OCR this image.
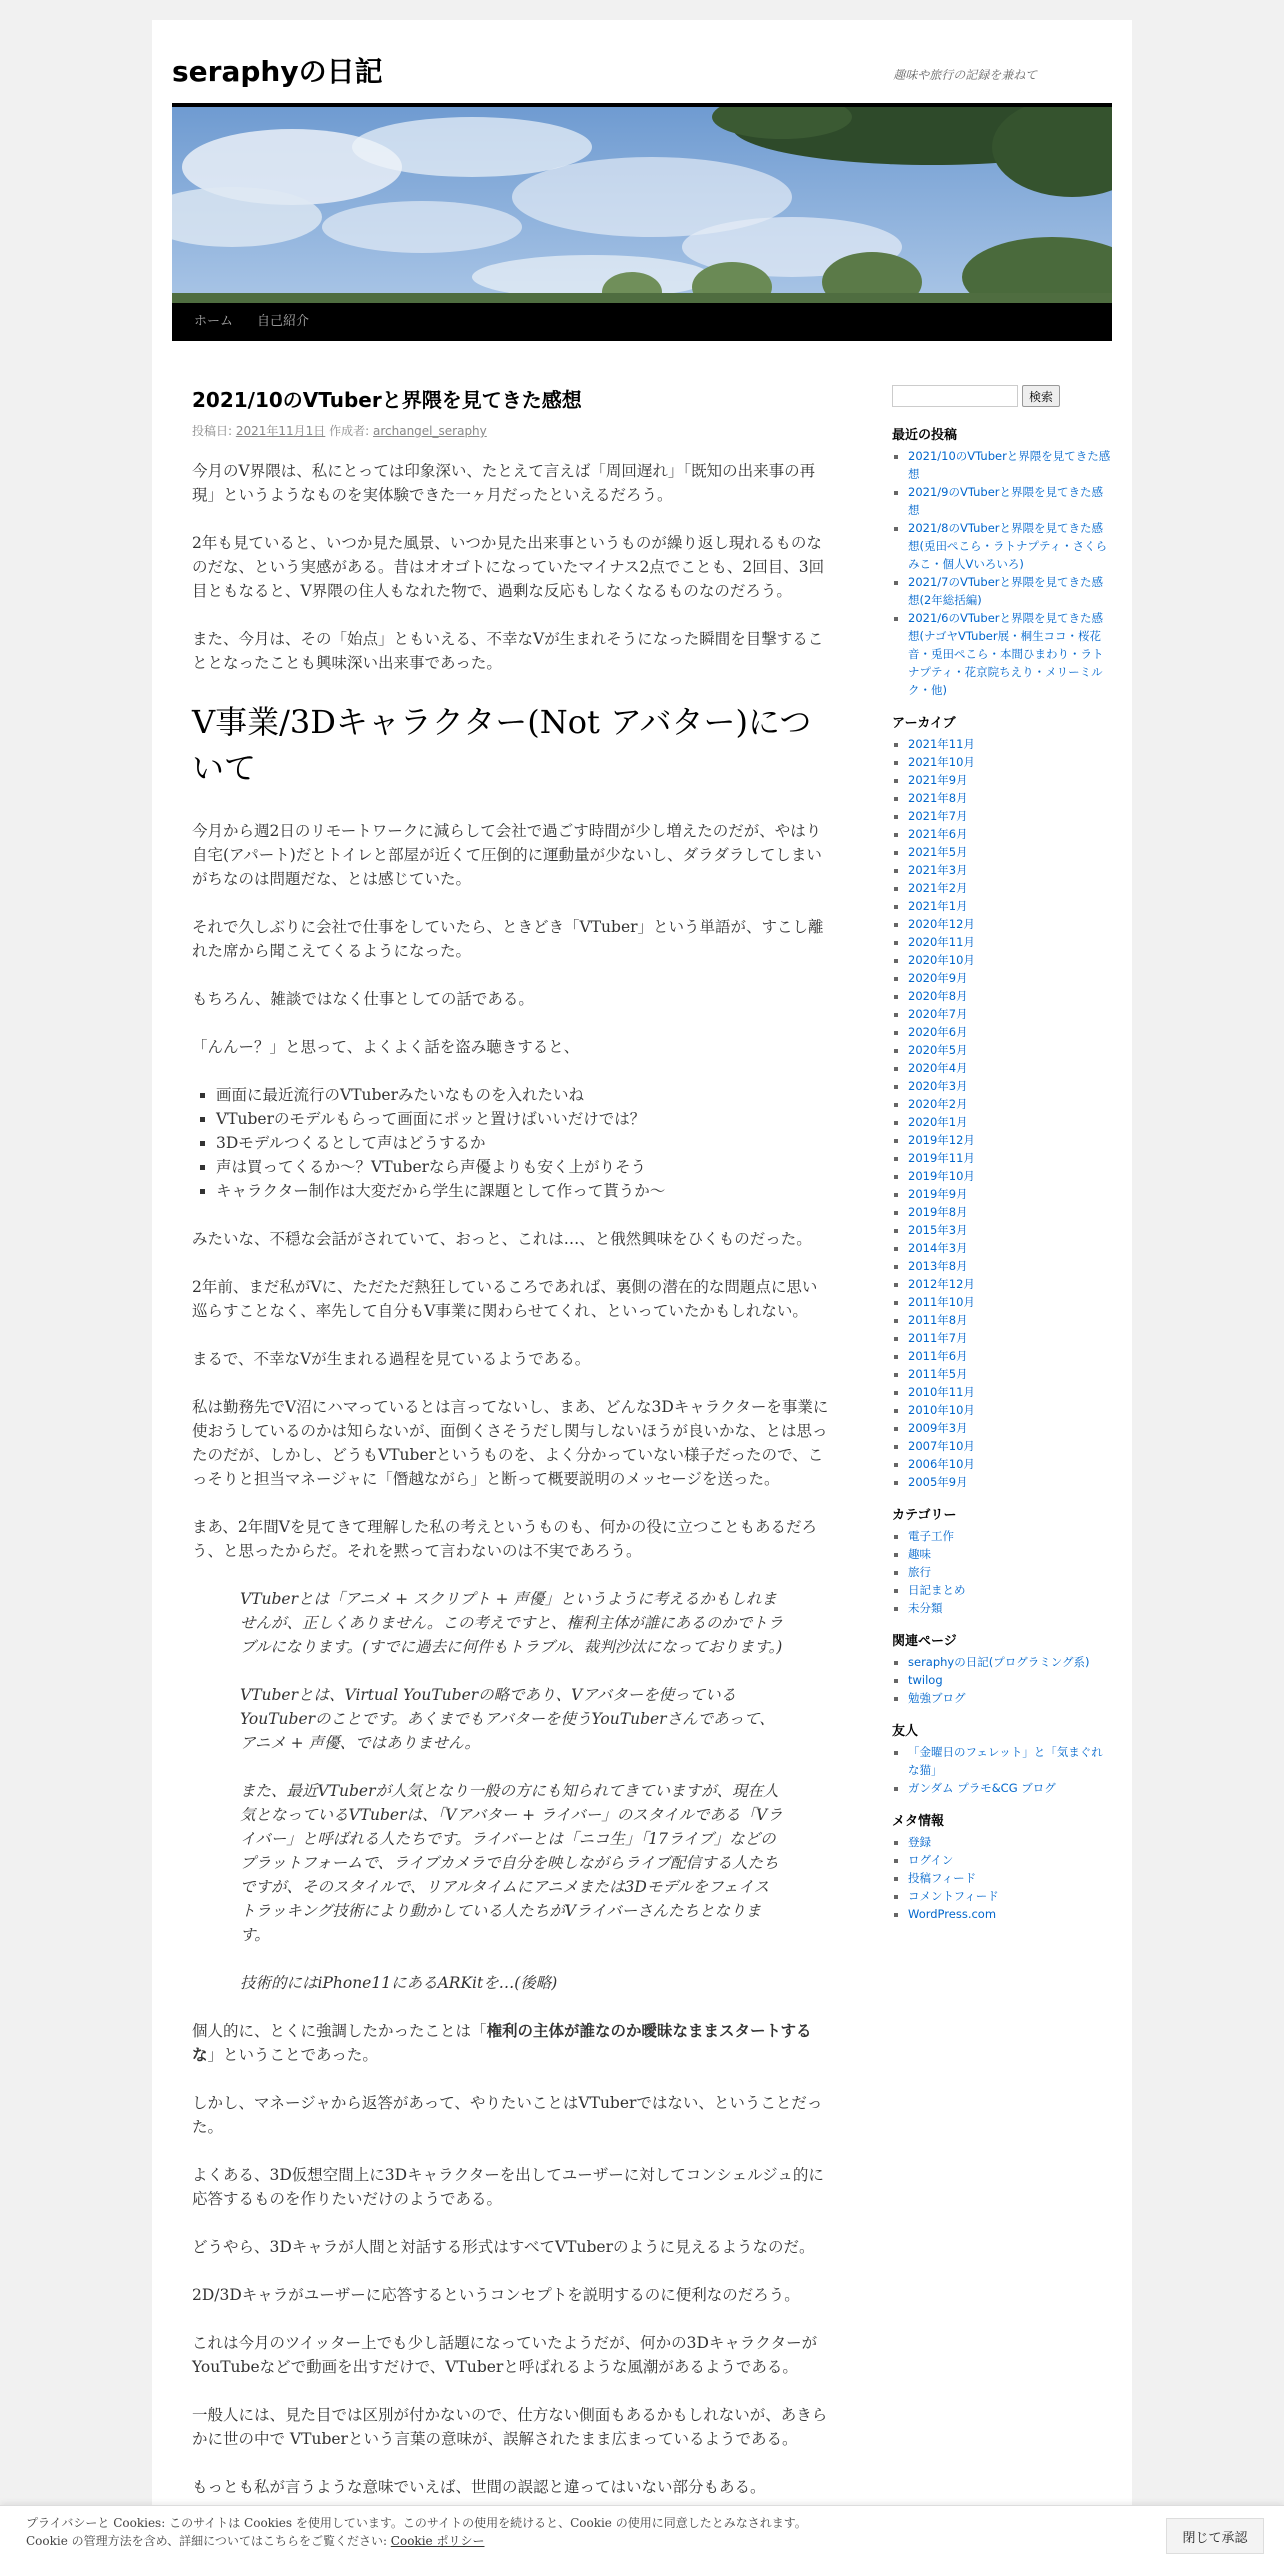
seraphyの日記	趣味や旅行の記録を兼ねて
ホーム	自己紹介
2021/10のVTuberと界隈を見てきた感想
投稿日: 2021年11月1日 作成者: archangel_seraphy

今月のV界隈は、私にとっては印象深い、たとえて言えば「周回遅れ」「既知の出来事の再現」というようなものを実体験できた一ヶ月だったといえるだろう。

2年も見ていると、いつか見た風景、いつか見た出来事というものが繰り返し現れるものなのだな、という実感がある。昔はオオゴトになっていたマイナス2点でことも、2回目、3回目ともなると、V界隈の住人もなれた物で、過剰な反応もしなくなるものなのだろう。

また、今月は、その「始点」ともいえる、不幸なVが生まれそうになった瞬間を目撃することとなったことも興味深い出来事であった。

V事業/3Dキャラクター(Not アバター)について

今月から週2日のリモートワークに減らして会社で過ごす時間が少し増えたのだが、やはり自宅(アパート)だとトイレと部屋が近くて圧倒的に運動量が少ないし、ダラダラしてしまいがちなのは問題だな、とは感じていた。

それで久しぶりに会社で仕事をしていたら、ときどき「VTuber」という単語が、すこし離れた席から聞こえてくるようになった。

もちろん、雑談ではなく仕事としての話である。

「んんー？」と思って、よくよく話を盗み聴きすると、

▪ 画面に最近流行のVTuberみたいなものを入れたいね
▪ VTuberのモデルもらって画面にポッと置けばいいだけでは？
▪ 3Dモデルつくるとして声はどうするか
▪ 声は買ってくるか～？VTuberなら声優よりも安く上がりそう
▪ キャラクター制作は大変だから学生に課題として作って貰うか～

みたいな、不穏な会話がされていて、おっと、これは…、と俄然興味をひくものだった。

2年前、まだ私がVに、ただただ熱狂しているころであれば、裏側の潜在的な問題点に思い巡らすことなく、率先して自分もV事業に関わらせてくれ、といっていたかもしれない。

まるで、不幸なVが生まれる過程を見ているようである。

私は勤務先でV沼にハマっているとは言ってないし、まあ、どんな3Dキャラクターを事業に使おうしているのかは知らないが、面倒くさそうだし関与しないほうが良いかな、とは思ったのだが、しかし、どうもVTuberというものを、よく分かっていない様子だったので、こっそりと担当マネージャに「僭越ながら」と断って概要説明のメッセージを送った。

まあ、2年間Vを見てきて理解した私の考えというものも、何かの役に立つこともあるだろう、と思ったからだ。それを黙って言わないのは不実であろう。

VTuberとは「アニメ + スクリプト + 声優」というように考えるかもしれませんが、正しくありません。この考えですと、権利主体が誰にあるのかでトラブルになります。(すでに過去に何件もトラブル、裁判沙汰になっております。)

VTuberとは、Virtual YouTuberの略であり、Vアバターを使っているYouTuberのことです。あくまでもアバターを使うYouTuberさんであって、アニメ + 声優、ではありません。

また、最近VTuberが人気となり一般の方にも知られてきていますが、現在人気となっているVTuberは、「Vアバター + ライバー」のスタイルである「Vライバー」と呼ばれる人たちです。ライバーとは「ニコ生」「17ライブ」などのプラットフォームで、ライブカメラで自分を映しながらライブ配信する人たちですが、そのスタイルで、リアルタイムにアニメまたは3Dモデルをフェイストラッキング技術により動かしている人たちがVライバーさんたちとなります。

技術的にはiPhone11にあるARKitを…(後略)

個人的に、とくに強調したかったことは「権利の主体が誰なのか曖昧なままスタートするな」ということであった。

しかし、マネージャから返答があって、やりたいことはVTuberではない、ということだった。

よくある、3D仮想空間上に3Dキャラクターを出してユーザーに対してコンシェルジュ的に応答するものを作りたいだけのようである。

どうやら、3Dキャラが人間と対話する形式はすべてVTuberのように見えるようなのだ。

2D/3Dキャラがユーザーに応答するというコンセプトを説明するのに便利なのだろう。

これは今月のツイッター上でも少し話題になっていたようだが、何かの3Dキャラクターが YouTubeなどで動画を出すだけで、VTuberと呼ばれるような風潮があるようである。

一般人には、見た目では区別が付かないので、仕方ない側面もあるかもしれないが、あきらかに世の中で VTuberという言葉の意味が、誤解されたまま広まっているようである。

もっとも私が言うような意味でいえば、世間の誤認と違ってはいない部分もある。

検索
最近の投稿
▪ 2021/10のVTuberと界隈を見てきた感想
▪ 2021/9のVTuberと界隈を見てきた感想
▪ 2021/8のVTuberと界隈を見てきた感想(兎田ぺこら・ラトナプティ・さくらみこ・個人Vいろいろ)
▪ 2021/7のVTuberと界隈を見てきた感想(2年総括編)
▪ 2021/6のVTuberと界隈を見てきた感想(ナゴヤVTuber展・桐生ココ・桜花音・兎田ぺこら・本間ひまわり・ラトナプティ・花京院ちえり・メリーミルク・他)
アーカイブ
▪ 2021年11月
▪ 2021年10月
▪ 2021年9月
▪ 2021年8月
▪ 2021年7月
▪ 2021年6月
▪ 2021年5月
▪ 2021年3月
▪ 2021年2月
▪ 2021年1月
▪ 2020年12月
▪ 2020年11月
▪ 2020年10月
▪ 2020年9月
▪ 2020年8月
▪ 2020年7月
▪ 2020年6月
▪ 2020年5月
▪ 2020年4月
▪ 2020年3月
▪ 2020年2月
▪ 2020年1月
▪ 2019年12月
▪ 2019年11月
▪ 2019年10月
▪ 2019年9月
▪ 2019年8月
▪ 2015年3月
▪ 2014年3月
▪ 2013年8月
▪ 2012年12月
▪ 2011年10月
▪ 2011年8月
▪ 2011年7月
▪ 2011年6月
▪ 2011年5月
▪ 2010年11月
▪ 2010年10月
▪ 2009年3月
▪ 2007年10月
▪ 2006年10月
▪ 2005年9月
カテゴリー
▪ 電子工作
▪ 趣味
▪ 旅行
▪ 日記まとめ
▪ 未分類
関連ページ
▪ seraphyの日記(プログラミング系)
▪ twilog
▪ 勉強ブログ
友人
▪ 「金曜日のフェレット」と「気まぐれな猫」
▪ ガンダム プラモ&CG ブログ
メタ情報
▪ 登録
▪ ログイン
▪ 投稿フィード
▪ コメントフィード
▪ WordPress.com
プライバシーと Cookies: このサイトは Cookies を使用しています。このサイトの使用を続けると、Cookie の使用に同意したとみなされます。
Cookie の管理方法を含め、詳細についてはこちらをご覧ください: Cookie ポリシー	閉じて承認
